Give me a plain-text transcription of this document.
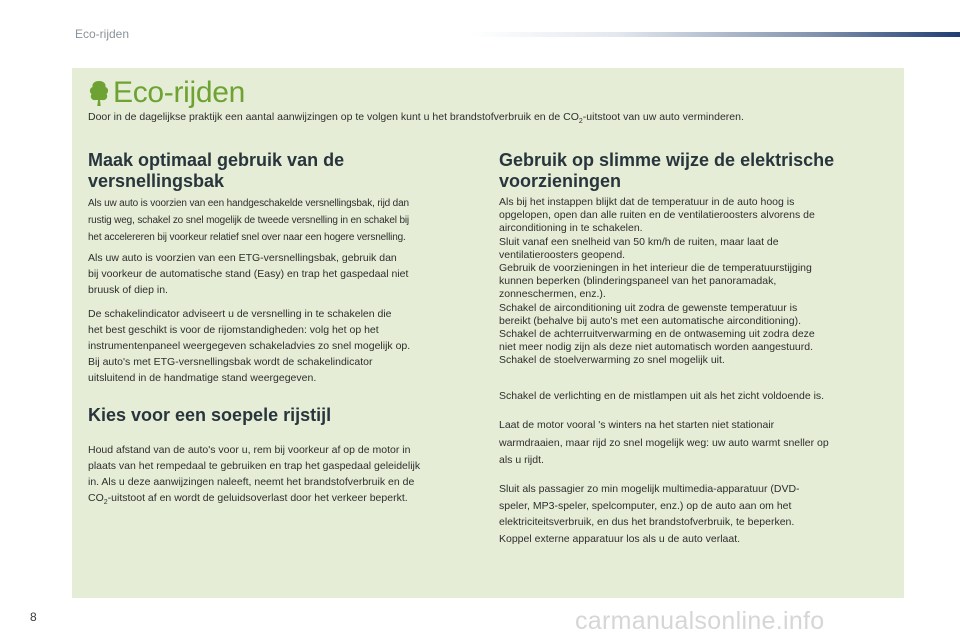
Eco-rijden
Eco-rijden
Door in de dagelijkse praktijk een aantal aanwijzingen op te volgen kunt u het brandstofverbruik en de $CO_2$-uitstoot van uw auto verminderen.
Maak optimaal gebruik van de
versnellingsbak
Als uw auto is voorzien van een handgeschakelde versnellingsbak, rijd dan
rustig weg, schakel zo snel mogelijk de tweede versnelling in en schakel bij
het accelereren bij voorkeur relatief snel over naar een hogere versnelling.
Als uw auto is voorzien van een ETG-versnellingsbak, gebruik dan
bij voorkeur de automatische stand (Easy) en trap het gaspedaal niet
bruusk of diep in.
De schakelindicator adviseert u de versnelling in te schakelen die
het best geschikt is voor de rijomstandigheden: volg het op het
instrumentenpaneel weergegeven schakeladvies zo snel mogelijk op.
Bij auto's met ETG-versnellingsbak wordt de schakelindicator
uitsluitend in de handmatige stand weergegeven.
Kies voor een soepele rijstijl
Houd afstand van de auto's voor u, rem bij voorkeur af op de motor in
plaats van het rempedaal te gebruiken en trap het gaspedaal geleidelijk
in. Als u deze aanwijzingen naleeft, neemt het brandstofverbruik en de
$CO_2$-uitstoot af en wordt de geluidsoverlast door het verkeer beperkt.
Gebruik op slimme wijze de elektrische
voorzieningen
Als bij het instappen blijkt dat de temperatuur in de auto hoog is
opgelopen, open dan alle ruiten en de ventilatieroosters alvorens de
airconditioning in te schakelen.
Sluit vanaf een snelheid van 50 km/h de ruiten, maar laat de
ventilatieroosters geopend.
Gebruik de voorzieningen in het interieur die de temperatuurstijging
kunnen beperken (blinderingspaneel van het panoramadak,
zonneschermen, enz.).
Schakel de airconditioning uit zodra de gewenste temperatuur is
bereikt (behalve bij auto's met een automatische airconditioning).
Schakel de achterruitverwarming en de ontwaseming uit zodra deze
niet meer nodig zijn als deze niet automatisch worden aangestuurd.
Schakel de stoelverwarming zo snel mogelijk uit.
Schakel de verlichting en de mistlampen uit als het zicht voldoende is.
Laat de motor vooral 's winters na het starten niet stationair
warmdraaien, maar rijd zo snel mogelijk weg: uw auto warmt sneller op
als u rijdt.
Sluit als passagier zo min mogelijk multimedia-apparatuur (DVD-
speler, MP3-speler, spelcomputer, enz.) op de auto aan om het
elektriciteitsverbruik, en dus het brandstofverbruik, te beperken.
Koppel externe apparatuur los als u de auto verlaat.
8	carmanualsonline.info
